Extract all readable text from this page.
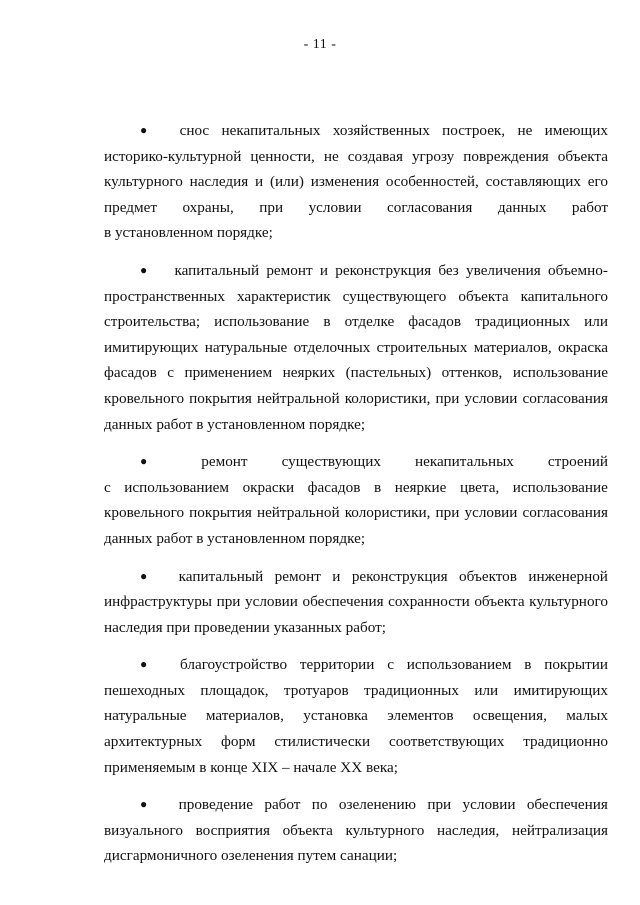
- 11 -
● снос некапитальных хозяйственных построек, не имеющих
историко-культурной ценности, не создавая угрозу повреждения объекта
культурного наследия и (или) изменения особенностей, составляющих его
предмет охраны, при условии согласования данных работ
в установленном порядке;
● капитальный ремонт и реконструкция без увеличения объемно-
пространственных характеристик существующего объекта капитального
строительства; использование в отделке фасадов традиционных или
имитирующих натуральные отделочных строительных материалов, окраска
фасадов с применением неярких (пастельных) оттенков, использование
кровельного покрытия нейтральной колористики, при условии согласования
данных работ в установленном порядке;
●	ремонт существующих некапитальных строений
с использованием окраски фасадов в неяркие цвета, использование
кровельного покрытия нейтральной колористики, при условии согласования
данных работ в установленном порядке;
● капитальный ремонт и реконструкция объектов инженерной
инфраструктуры при условии обеспечения сохранности объекта культурного
наследия при проведении указанных работ;
● благоустройство территории с использованием в покрытии
пешеходных площадок, тротуаров традиционных или имитирующих
натуральные материалов, установка элементов освещения, малых
архитектурных форм стилистически соответствующих традиционно
применяемым в конце XIX – начале XX века;
● проведение работ по озеленению при условии обеспечения
визуального восприятия объекта культурного наследия, нейтрализация
дисгармоничного озеленения путем санации;
